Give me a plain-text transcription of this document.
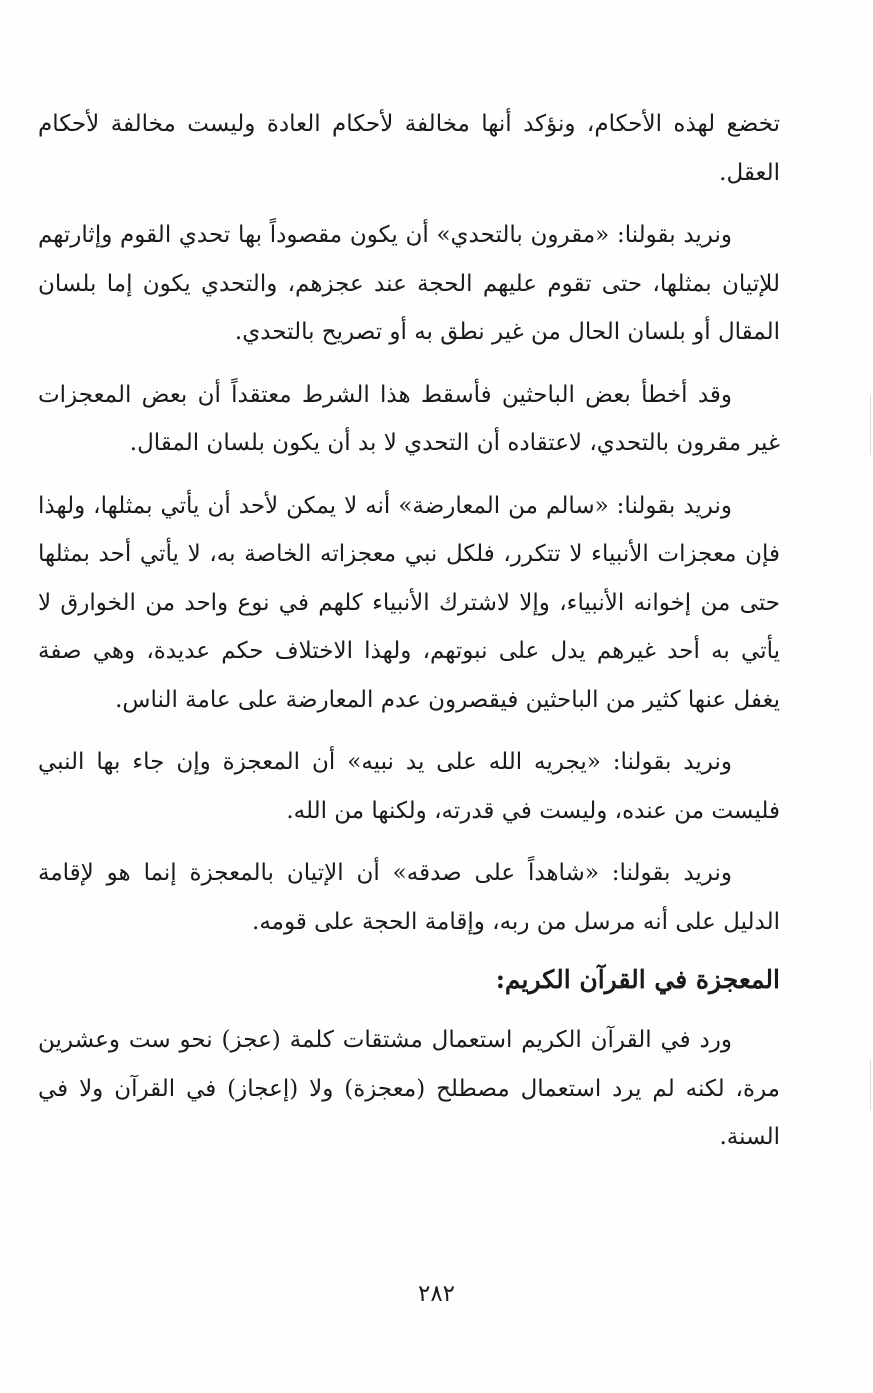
تخضع لهذه الأحكام، ونؤكد أنها مخالفة لأحكام العادة وليست مخالفة لأحكام العقل.

ونريد بقولنا: «مقرون بالتحدي» أن يكون مقصوداً بها تحدي القوم وإثارتهم للإتيان بمثلها، حتى تقوم عليهم الحجة عند عجزهم، والتحدي يكون إما بلسان المقال أو بلسان الحال من غير نطق به أو تصريح بالتحدي.

وقد أخطأ بعض الباحثين فأسقط هذا الشرط معتقداً أن بعض المعجزات غير مقرون بالتحدي، لاعتقاده أن التحدي لا بد أن يكون بلسان المقال.

ونريد بقولنا: «سالم من المعارضة» أنه لا يمكن لأحد أن يأتي بمثلها، ولهذا فإن معجزات الأنبياء لا تتكرر، فلكل نبي معجزاته الخاصة به، لا يأتي أحد بمثلها حتى من إخوانه الأنبياء، وإلا لاشترك الأنبياء كلهم في نوع واحد من الخوارق لا يأتي به أحد غيرهم يدل على نبوتهم، ولهذا الاختلاف حكم عديدة، وهي صفة يغفل عنها كثير من الباحثين فيقصرون عدم المعارضة على عامة الناس.

ونريد بقولنا: «يجريه الله على يد نبيه» أن المعجزة وإن جاء بها النبي فليست من عنده، وليست في قدرته، ولكنها من الله.

ونريد بقولنا: «شاهداً على صدقه» أن الإتيان بالمعجزة إنما هو لإقامة الدليل على أنه مرسل من ربه، وإقامة الحجة على قومه.

المعجزة في القرآن الكريم:

ورد في القرآن الكريم استعمال مشتقات كلمة (عجز) نحو ست وعشرين مرة، لكنه لم يرد استعمال مصطلح (معجزة) ولا (إعجاز) في القرآن ولا في السنة.

٢٨٢
